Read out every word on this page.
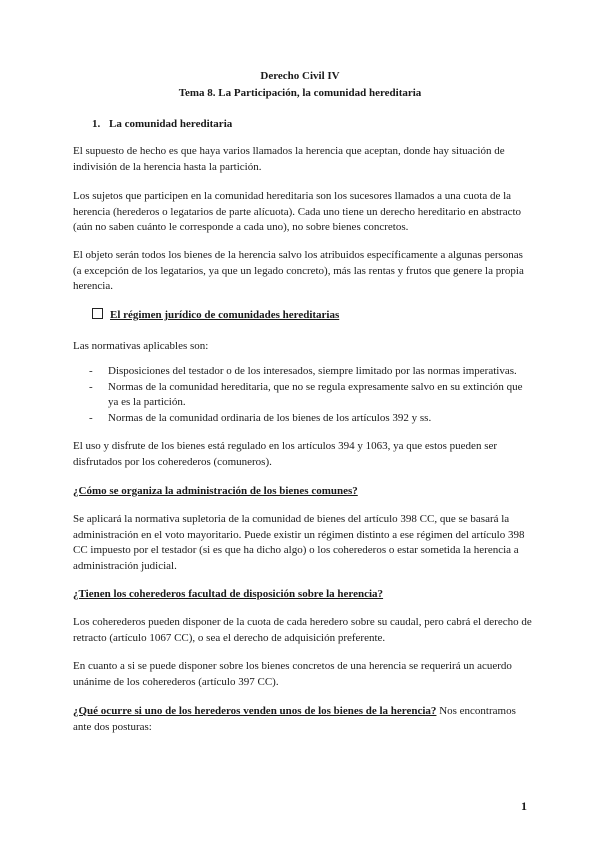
Derecho Civil IV
Tema 8. La Participación, la comunidad hereditaria
1. La comunidad hereditaria
El supuesto de hecho es que haya varios llamados la herencia que aceptan, donde hay situación de indivisión de la herencia hasta la partición.
Los sujetos que participen en la comunidad hereditaria son los sucesores llamados a una cuota de la herencia (herederos o legatarios de parte alícuota). Cada uno tiene un derecho hereditario en abstracto (aún no saben cuánto le corresponde a cada uno), no sobre bienes concretos.
El objeto serán todos los bienes de la herencia salvo los atribuidos específicamente a algunas personas (a excepción de los legatarios, ya que un legado concreto), más las rentas y frutos que genere la propia herencia.
El régimen jurídico de comunidades hereditarias
Las normativas aplicables son:
- Disposiciones del testador o de los interesados, siempre limitado por las normas imperativas.
- Normas de la comunidad hereditaria, que no se regula expresamente salvo en su extinción que ya es la partición.
- Normas de la comunidad ordinaria de los bienes de los artículos 392 y ss.
El uso y disfrute de los bienes está regulado en los artículos 394 y 1063, ya que estos pueden ser disfrutados por los coherederos (comuneros).
¿Cómo se organiza la administración de los bienes comunes?
Se aplicará la normativa supletoria de la comunidad de bienes del artículo 398 CC, que se basará la administración en el voto mayoritario. Puede existir un régimen distinto a ese régimen del artículo 398 CC impuesto por el testador (si es que ha dicho algo) o los coherederos o estar sometida la herencia a administración judicial.
¿Tienen los coherederos facultad de disposición sobre la herencia?
Los coherederos pueden disponer de la cuota de cada heredero sobre su caudal, pero cabrá el derecho de retracto (artículo 1067 CC), o sea el derecho de adquisición preferente.
En cuanto a si se puede disponer sobre los bienes concretos de una herencia se requerirá un acuerdo unánime de los coherederos (artículo 397 CC).
¿Qué ocurre si uno de los herederos venden unos de los bienes de la herencia? Nos encontramos ante dos posturas:
1
